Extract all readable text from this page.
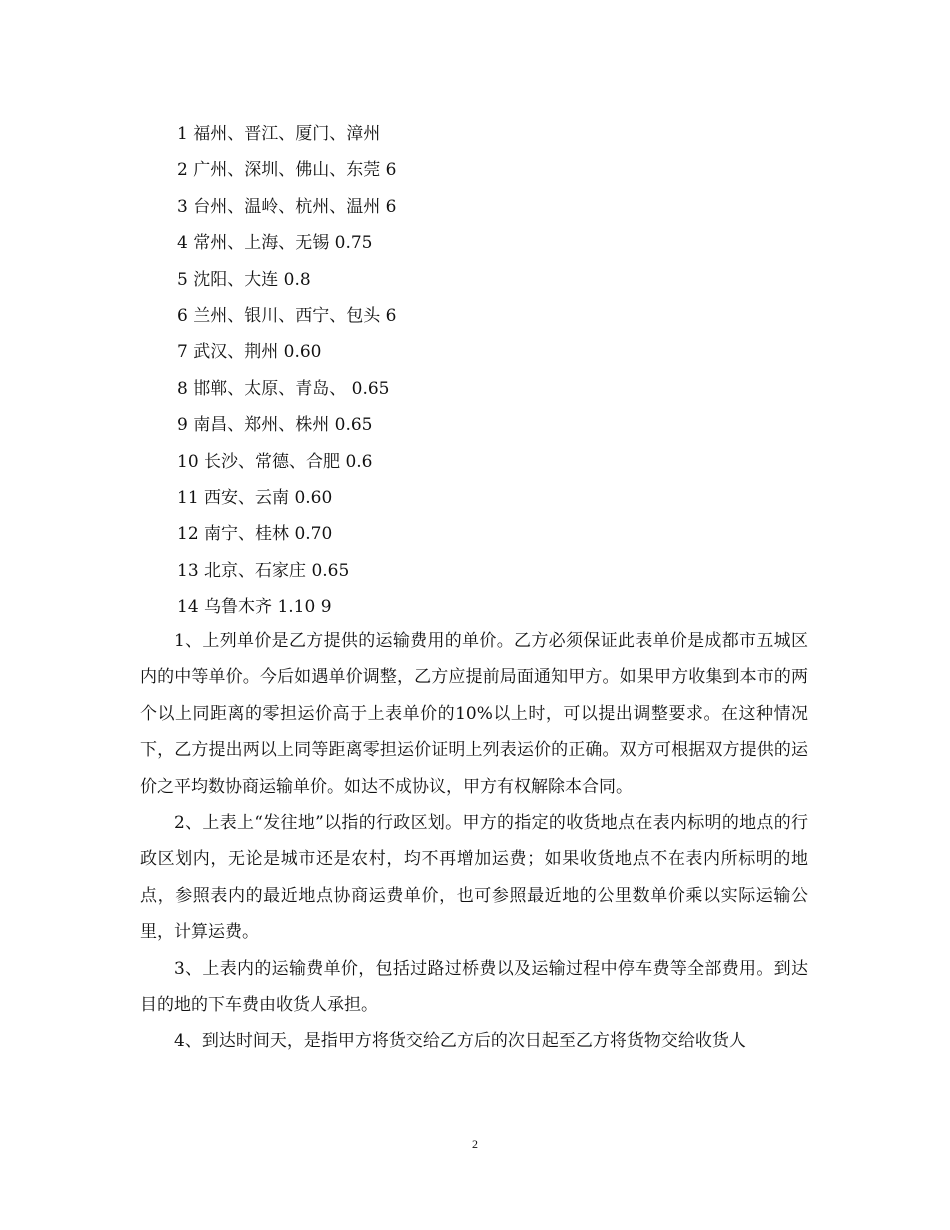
1 福州、晋江、厦门、漳州
2 广州、深圳、佛山、东莞 6
3 台州、温岭、杭州、温州 6
4 常州、上海、无锡 0.75
5 沈阳、大连 0.8
6 兰州、银川、西宁、包头 6
7 武汉、荆州 0.60
8 邯郸、太原、青岛、 0.65
9 南昌、郑州、株州 0.65
10 长沙、常德、合肥 0.6
11 西安、云南 0.60
12 南宁、桂林 0.70
13 北京、石家庄 0.65
14 乌鲁木齐 1.10 9

1、上列单价是乙方提供的运输费用的单价。乙方必须保证此表单价是成都市五城区内的中等单价。今后如遇单价调整，乙方应提前局面通知甲方。如果甲方收集到本市的两个以上同距离的零担运价高于上表单价的10%以上时，可以提出调整要求。在这种情况下，乙方提出两以上同等距离零担运价证明上列表运价的正确。双方可根据双方提供的运价之平均数协商运输单价。如达不成协议，甲方有权解除本合同。

2、上表上“发往地”以指的行政区划。甲方的指定的收货地点在表内标明的地点的行政区划内，无论是城市还是农村，均不再增加运费；如果收货地点不在表内所标明的地点，参照表内的最近地点协商运费单价，也可参照最近地的公里数单价乘以实际运输公里，计算运费。

3、上表内的运输费单价，包括过路过桥费以及运输过程中停车费等全部费用。到达目的地的下车费由收货人承担。

4、到达时间天，是指甲方将货交给乙方后的次日起至乙方将货物交给收货人

2
